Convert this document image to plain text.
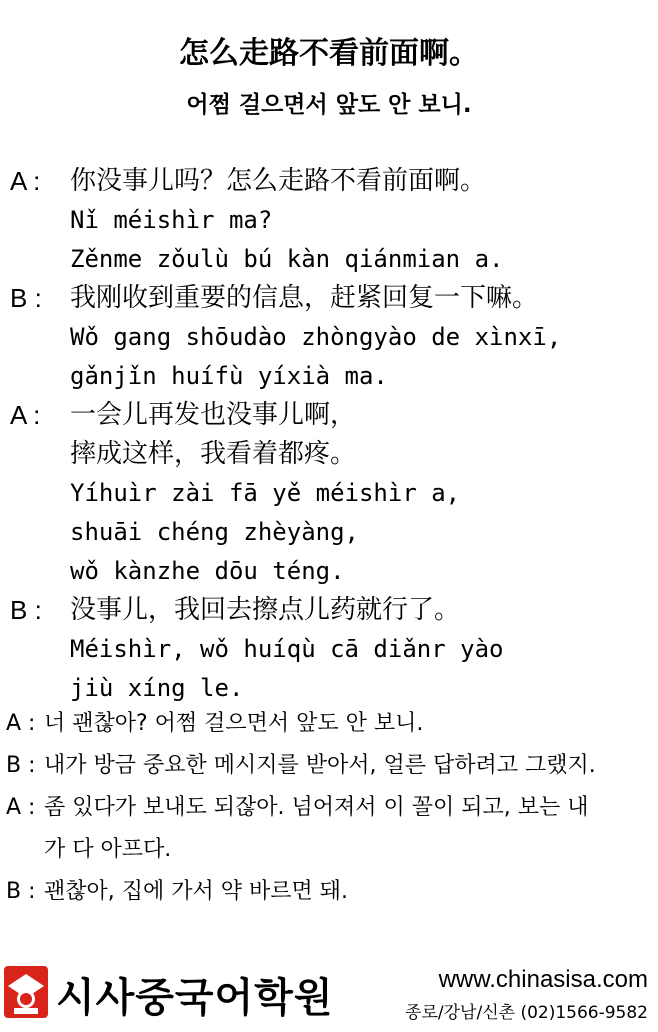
怎么走路不看前面啊。
어쩜 걸으면서 앞도 안 보니.
A :	你没事儿吗？怎么走路不看前面啊。
Nǐ méishìr ma?
Zěnme zǒulù bú kàn qiánmian a.
B :	我刚收到重要的信息，赶紧回复一下嘛。
Wǒ gang shōudào zhòngyào de xìnxī,
gǎnjǐn huífù yíxià ma.
A :	一会儿再发也没事儿啊，
摔成这样，我看着都疼。
Yíhuìr zài fā yě méishìr a,
shuāi chéng zhèyàng,
wǒ kànzhe dōu téng.
B :	没事儿，我回去擦点儿药就行了。
Méishìr, wǒ huíqù cā diǎnr yào
jiù xíng le.
A : 너 괜찮아? 어쩜 걸으면서 앞도 안 보니.
B : 내가 방금 중요한 메시지를 받아서, 얼른 답하려고 그랬지.
A : 좀 있다가 보내도 되잖아. 넘어져서 이 꼴이 되고, 보는 내
가 다 아프다.
B : 괜찮아, 집에 가서 약 바르면 돼.
시사중국어학원	www.chinasisa.com
종로/강남/신촌 (02)1566-9582
